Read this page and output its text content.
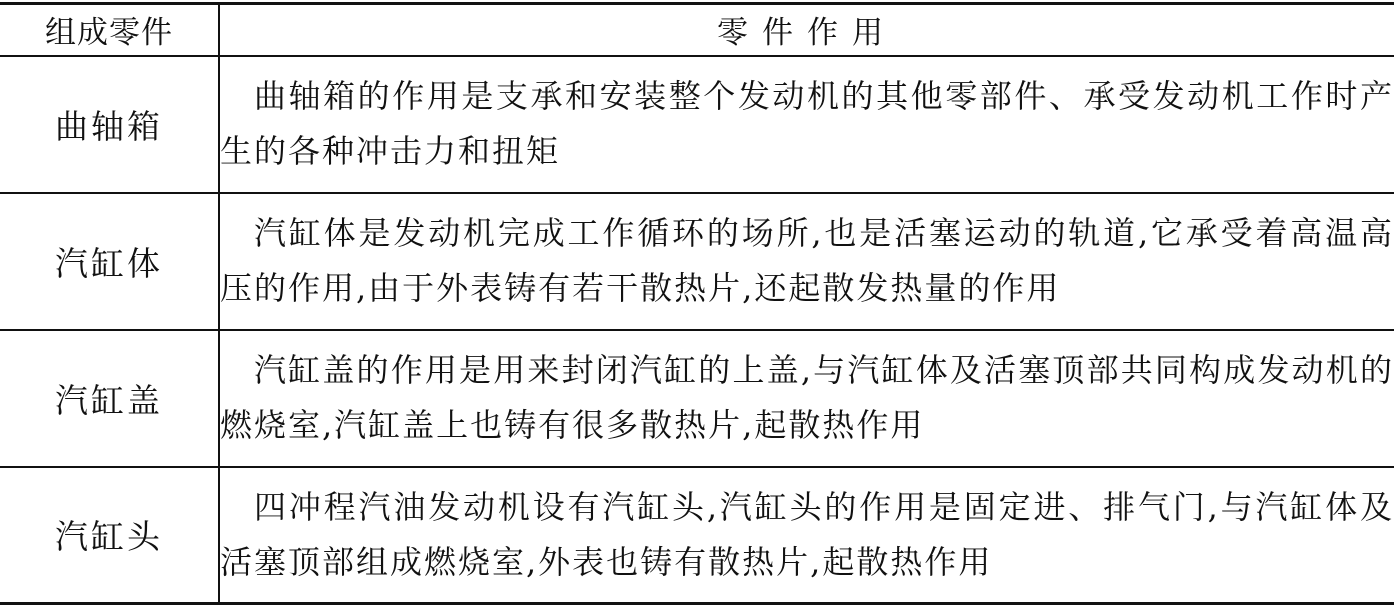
组成零件	零件作用
曲轴箱	曲轴箱的作用是支承和安装整个发动机的其他零部件、承受发动机工作时产生的各种冲击力和扭矩
汽缸体	汽缸体是发动机完成工作循环的场所,也是活塞运动的轨道,它承受着高温高压的作用,由于外表铸有若干散热片,还起散发热量的作用
汽缸盖	汽缸盖的作用是用来封闭汽缸的上盖,与汽缸体及活塞顶部共同构成发动机的燃烧室,汽缸盖上也铸有很多散热片,起散热作用
汽缸头	四冲程汽油发动机设有汽缸头,汽缸头的作用是固定进、排气门,与汽缸体及活塞顶部组成燃烧室,外表也铸有散热片,起散热作用
